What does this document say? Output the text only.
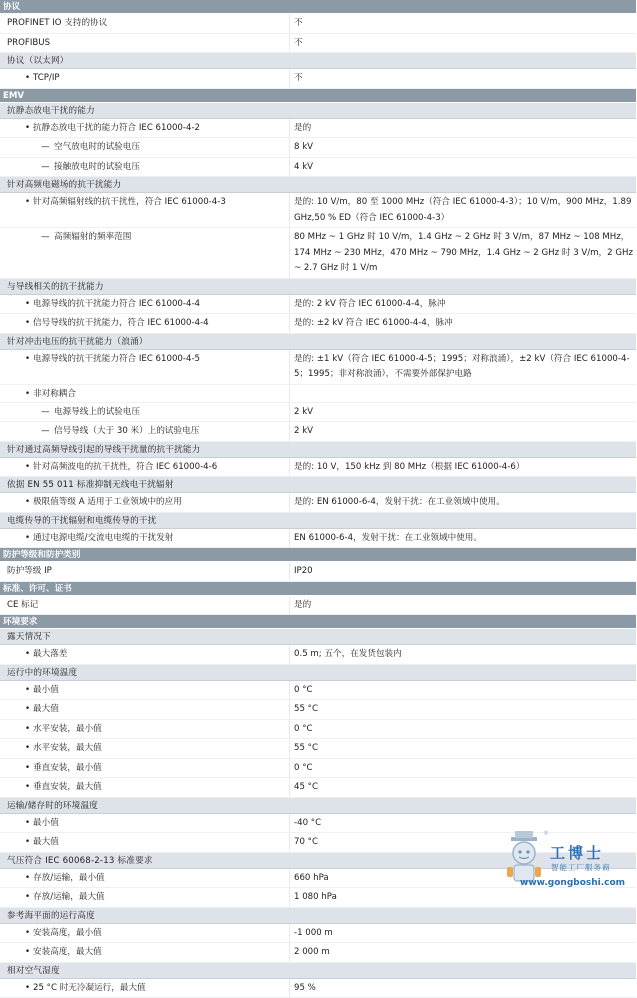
协议
PROFINET IO 支持的协议	不
PROFIBUS	不
协议（以太网）
• TCP/IP	不
EMV
抗静态放电干扰的能力
• 抗静态放电干扰的能力符合 IEC 61000-4-2	是的
— 空气放电时的试验电压	8 kV
— 接触放电时的试验电压	4 kV
针对高频电磁场的抗干扰能力
• 针对高频辐射线的抗干扰性，符合 IEC 61000-4-3	是的: 10 V/m，80 至 1000 MHz（符合 IEC 61000-4-3）；10 V/m，900 MHz，1.89 GHz,50 % ED（符合 IEC 61000-4-3）
— 高频辐射的频率范围	80 MHz ~ 1 GHz 时 10 V/m，1.4 GHz ~ 2 GHz 时 3 V/m，87 MHz ~ 108 MHz，174 MHz ~ 230 MHz，470 MHz ~ 790 MHz，1.4 GHz ~ 2 GHz 时 3 V/m，2 GHz ~ 2.7 GHz 时 1 V/m
与导线相关的抗干扰能力
• 电源导线的抗干扰能力符合 IEC 61000-4-4	是的: 2 kV 符合 IEC 61000-4-4，脉冲
• 信号导线的抗干扰能力，符合 IEC 61000-4-4	是的: ±2 kV 符合 IEC 61000-4-4，脉冲
针对冲击电压的抗干扰能力（浪涌）
• 电源导线的抗干扰能力符合 IEC 61000-4-5	是的: ±1 kV（符合 IEC 61000-4-5；1995；对称浪涌），±2 kV（符合 IEC 61000-4-5；1995；非对称浪涌），不需要外部保护电路
• 非对称耦合
— 电源导线上的试验电压	2 kV
— 信号导线（大于 30 米）上的试验电压	2 kV
针对通过高频导线引起的导线干扰量的抗干扰能力
• 针对高频波电的抗干扰性，符合 IEC 61000-4-6	是的: 10 V，150 kHz 到 80 MHz（根据 IEC 61000-4-6）
依据 EN 55 011 标准抑制无线电干扰辐射
• 极限值等级 A 适用于工业领域中的应用	是的: EN 61000-6-4，发射干扰：在工业领域中使用。
电缆传导的干扰辐射和电缆传导的干扰
• 通过电源电缆/交流电电缆的干扰发射	EN 61000-6-4，发射干扰：在工业领域中使用。
防护等级和防护类别
防护等级 IP	IP20
标准、许可、证书
CE 标记	是的
环境要求
露天情况下
• 最大落差	0.5 m; 五个，在发货包装内
运行中的环境温度
• 最小值	0 °C
• 最大值	55 °C
• 水平安装，最小值	0 °C
• 水平安装，最大值	55 °C
• 垂直安装，最小值	0 °C
• 垂直安装，最大值	45 °C
运输/储存时的环境温度
• 最小值	-40 °C
• 最大值	70 °C
气压符合 IEC 60068-2-13 标准要求
• 存放/运输，最小值	660 hPa
• 存放/运输，最大值	1 080 hPa
参考海平面的运行高度
• 安装高度，最小值	-1 000 m
• 安装高度，最大值	2 000 m
相对空气湿度
• 25 °C 时无冷凝运行，最大值	95 %
®
工博士
智能工厂服务商
www.gongboshi.com
